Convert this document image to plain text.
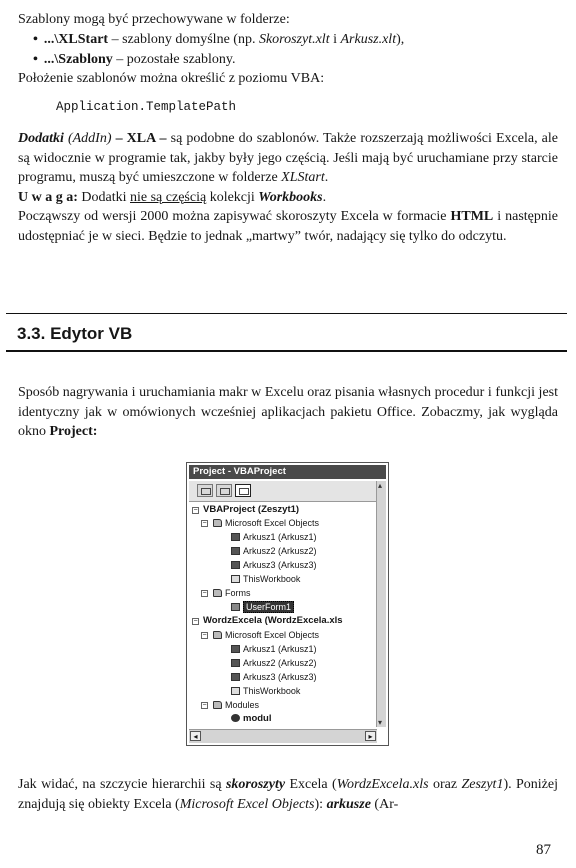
Szablony mogą być przechowywane w folderze:

• ...\XLStart – szablony domyślne (np. Skoroszyt.xlt i Arkusz.xlt),
• ...\Szablony – pozostałe szablony.

Położenie szablonów można określić z poziomu VBA:

Application.TemplatePath

Dodatki (AddIn) – XLA – są podobne do szablonów. Także rozszerzają możliwości Excela, ale są widocznie w programie tak, jakby były jego częścią. Jeśli mają być uruchamiane przy starcie programu, muszą być umieszczone w folderze XLStart.

U w a g a: Dodatki nie są częścią kolekcji Workbooks.

Począwszy od wersji 2000 można zapisywać skoroszyty Excela w formacie HTML i następnie udostępniać je w sieci. Będzie to jednak „martwy” twór, nadający się tylko do odczytu.

3.3. Edytor VB

Sposób nagrywania i uruchamiania makr w Excelu oraz pisania własnych procedur i funkcji jest identyczny jak w omówionych wcześniej aplikacjach pakietu Office. Zobaczmy, jak wygląda okno Project:

Project - VBAProject
▴ ▾
− VBAProject (Zeszyt1)
−	Microsoft Excel Objects
Arkusz1 (Arkusz1)
Arkusz2 (Arkusz2)
Arkusz3 (Arkusz3)
ThisWorkbook
−	Forms
UserForm1
− WordzExcela (WordzExcela.xls
−	Microsoft Excel Objects
Arkusz1 (Arkusz1)
Arkusz2 (Arkusz2)
Arkusz3 (Arkusz3)
ThisWorkbook
−	Modules
modul
◂	▸

Jak widać, na szczycie hierarchii są skoroszyty Excela (WordzExcela.xls oraz Zeszyt1). Poniżej znajdują się obiekty Excela (Microsoft Excel Objects): arkusze (Ar-

87
